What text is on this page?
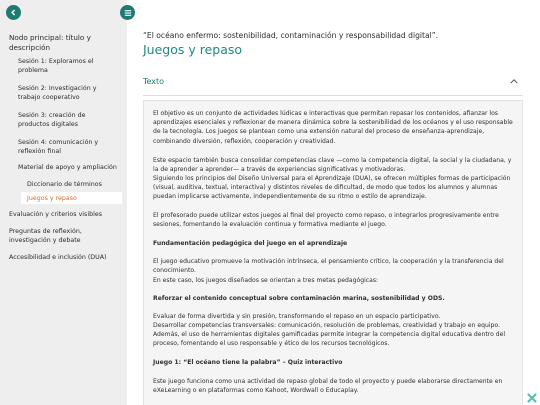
Nodo principal: título y descripción
Sesión 1: Exploramos el problema
Sesión 2: Investigación y trabajo cooperativo
Sesión 3: creación de productos digitales
Sesión 4: comunicación y reflexión final
Material de apoyo y ampliación
Diccionario de términos
Juegos y repaso
Evaluación y criterios visibles
Preguntas de reflexión, investigación y debate
Accesibilidad e inclusión (DUA)
“El océano enfermo: sostenibilidad, contaminación y responsabilidad digital”.
Juegos y repaso
Texto
El objetivo es un conjunto de actividades lúdicas e interactivas que permitan repasar los contenidos, afianzar los aprendizajes esenciales y reflexionar de manera dinámica sobre la sostenibilidad de los océanos y el uso responsable de la tecnología. Los juegos se plantean como una extensión natural del proceso de enseñanza-aprendizaje, combinando diversión, reflexión, cooperación y creatividad.
Este espacio también busca consolidar competencias clave —como la competencia digital, la social y la ciudadana, y la de aprender a aprender— a través de experiencias significativas y motivadoras.
Siguiendo los principios del Diseño Universal para el Aprendizaje (DUA), se ofrecen múltiples formas de participación (visual, auditiva, textual, interactiva) y distintos niveles de dificultad, de modo que todos los alumnos y alumnas puedan implicarse activamente, independientemente de su ritmo o estilo de aprendizaje.
El profesorado puede utilizar estos juegos al final del proyecto como repaso, o integrarlos progresivamente entre sesiones, fomentando la evaluación continua y formativa mediante el juego.
Fundamentación pedagógica del juego en el aprendizaje
El juego educativo promueve la motivación intrínseca, el pensamiento crítico, la cooperación y la transferencia del conocimiento.
En este caso, los juegos diseñados se orientan a tres metas pedagógicas:
Reforzar el contenido conceptual sobre contaminación marina, sostenibilidad y ODS.
Evaluar de forma divertida y sin presión, transformando el repaso en un espacio participativo.
Desarrollar competencias transversales: comunicación, resolución de problemas, creatividad y trabajo en equipo. Además, el uso de herramientas digitales gamificadas permite integrar la competencia digital educativa dentro del proceso, fomentando el uso responsable y ético de los recursos tecnológicos.
Juego 1: “El océano tiene la palabra” – Quiz interactivo
Este juego funciona como una actividad de repaso global de todo el proyecto y puede elaborarse directamente en eXeLearning o en plataformas como Kahoot, Wordwall o Educaplay.
